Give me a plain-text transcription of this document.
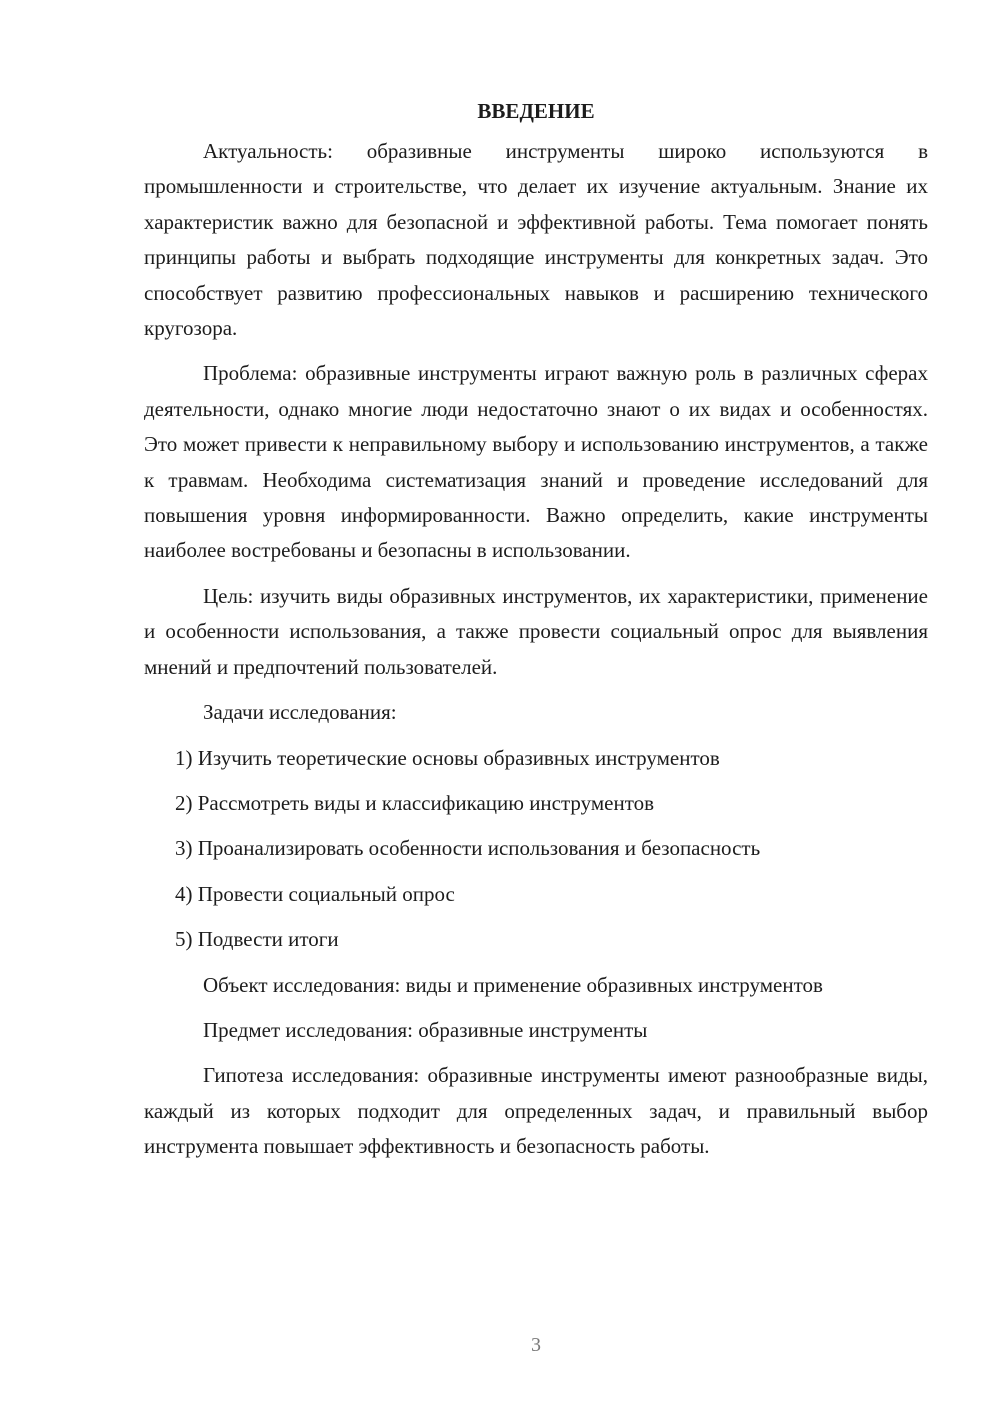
ВВЕДЕНИЕ

Актуальность: образивные инструменты широко используются в промышленности и строительстве, что делает их изучение актуальным. Знание их характеристик важно для безопасной и эффективной работы. Тема помогает понять принципы работы и выбрать подходящие инструменты для конкретных задач. Это способствует развитию профессиональных навыков и расширению технического кругозора.

Проблема: образивные инструменты играют важную роль в различных сферах деятельности, однако многие люди недостаточно знают о их видах и особенностях. Это может привести к неправильному выбору и использованию инструментов, а также к травмам. Необходима систематизация знаний и проведение исследований для повышения уровня информированности. Важно определить, какие инструменты наиболее востребованы и безопасны в использовании.

Цель: изучить виды образивных инструментов, их характеристики, применение и особенности использования, а также провести социальный опрос для выявления мнений и предпочтений пользователей.

Задачи исследования:

1) Изучить теоретические основы образивных инструментов
2) Рассмотреть виды и классификацию инструментов
3) Проанализировать особенности использования и безопасность
4) Провести социальный опрос
5) Подвести итоги

Объект исследования: виды и применение образивных инструментов

Предмет исследования: образивные инструменты

Гипотеза исследования: образивные инструменты имеют разнообразные виды, каждый из которых подходит для определенных задач, и правильный выбор инструмента повышает эффективность и безопасность работы.

3
